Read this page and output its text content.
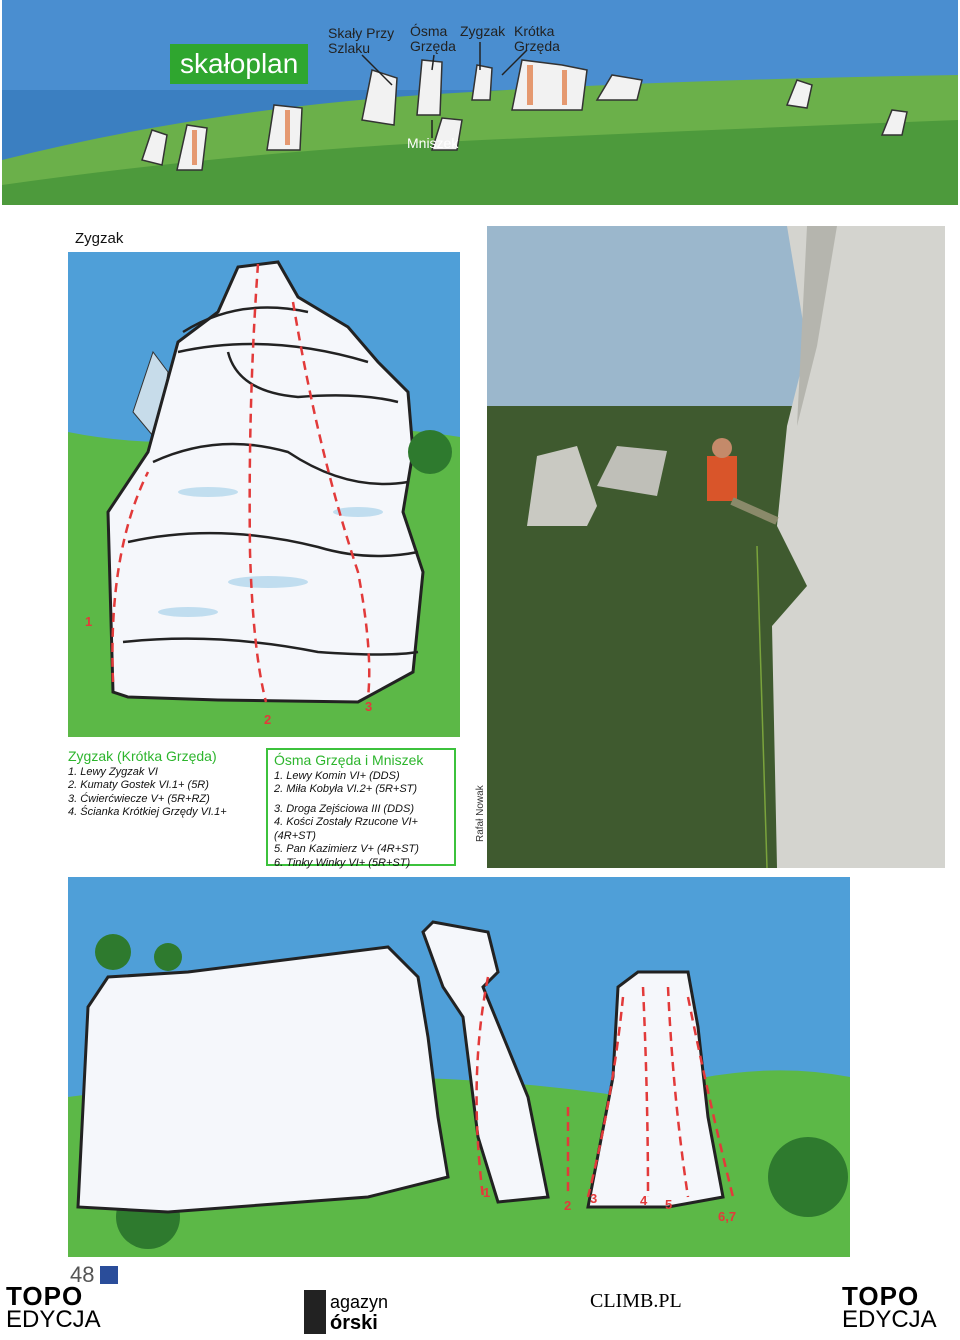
skałoplan
Skały Przy Szlaku
Ósma Grzęda
Zygzak Krótka Grzęda
Mniszek
Zygzak
1
2
3
Rafał Nowak
Zygzak (Krótka Grzęda)
1. Lewy Zygzak VI
2. Kumaty Gostek VI.1+ (5R)
3. Ćwierćwiecze V+ (5R+RZ)
4. Ścianka Krótkiej Grzędy VI.1+
Ósma Grzęda i Mniszek
1. Lewy Komin VI+ (DDS)
2. Miła Kobyła VI.2+ (5R+ST)
3. Droga Zejściowa III (DDS)
4. Kości Zostały Rzucone VI+ (4R+ST)
5. Pan Kazimierz V+ (4R+ST)
6. Tinky Winky VI+ (5R+ST)
1
2 3	4 5
6,7
48
TOPO
EDYCJA
agazyn
órski
CLIMB.PL	TOPO
EDYCJA
